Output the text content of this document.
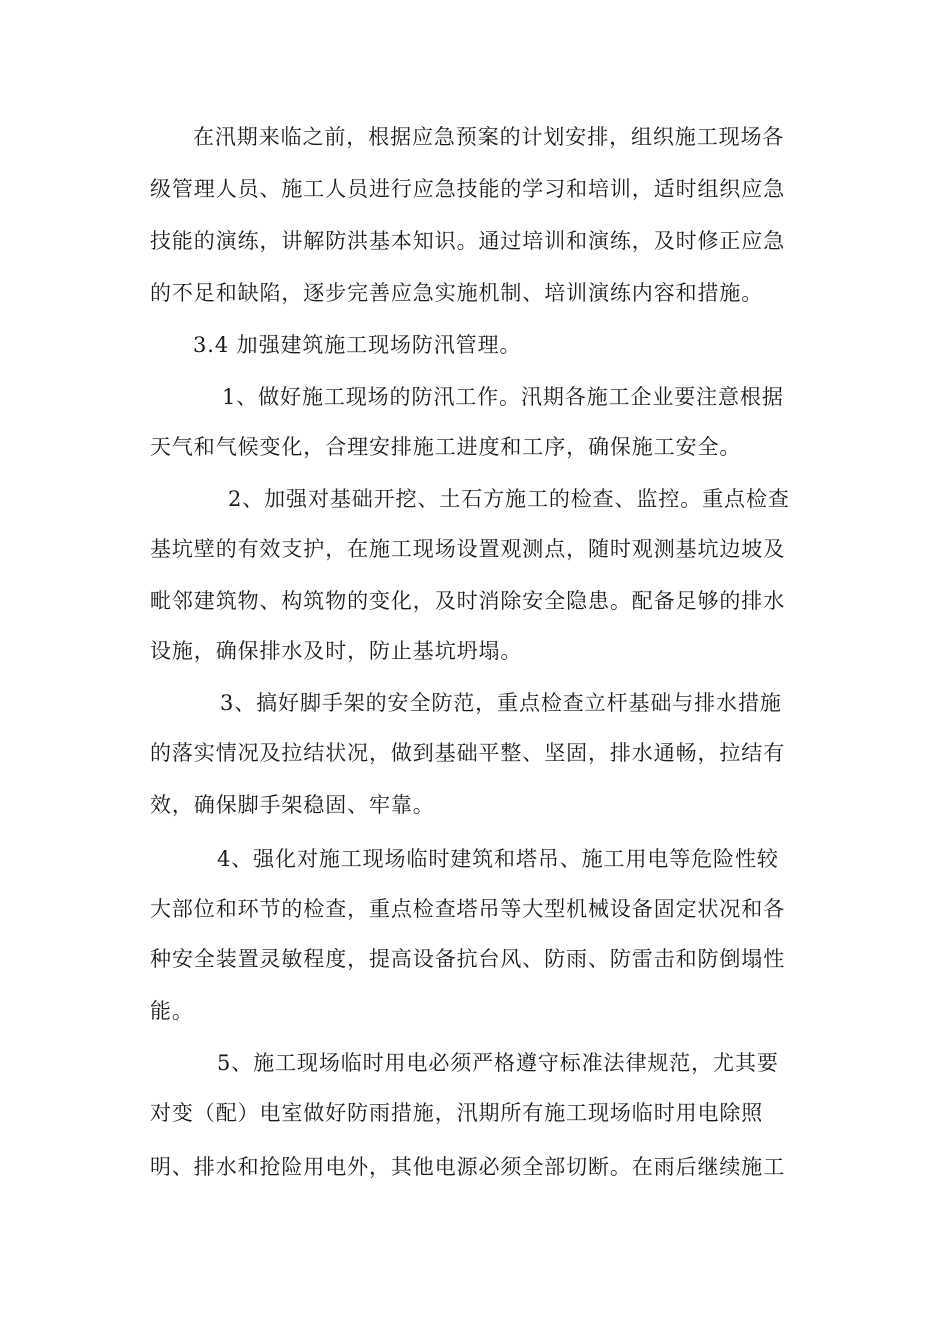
在汛期来临之前，根据应急预案的计划安排，组织施工现场各
级管理人员、施工人员进行应急技能的学习和培训，适时组织应急
技能的演练，讲解防洪基本知识。通过培训和演练，及时修正应急
的不足和缺陷，逐步完善应急实施机制、培训演练内容和措施。
3.4 加强建筑施工现场防汛管理。
1、做好施工现场的防汛工作。汛期各施工企业要注意根据
天气和气候变化，合理安排施工进度和工序，确保施工安全。
2、加强对基础开挖、土石方施工的检查、监控。重点检查
基坑壁的有效支护，在施工现场设置观测点，随时观测基坑边坡及
毗邻建筑物、构筑物的变化，及时消除安全隐患。配备足够的排水
设施，确保排水及时，防止基坑坍塌。
3、搞好脚手架的安全防范，重点检查立杆基础与排水措施
的落实情况及拉结状况，做到基础平整、坚固，排水通畅，拉结有
效，确保脚手架稳固、牢靠。
4、强化对施工现场临时建筑和塔吊、施工用电等危险性较
大部位和环节的检查，重点检查塔吊等大型机械设备固定状况和各
种安全装置灵敏程度，提高设备抗台风、防雨、防雷击和防倒塌性
能。
5、施工现场临时用电必须严格遵守标准法律规范，尤其要
对变（配）电室做好防雨措施，汛期所有施工现场临时用电除照
明、排水和抢险用电外，其他电源必须全部切断。在雨后继续施工
